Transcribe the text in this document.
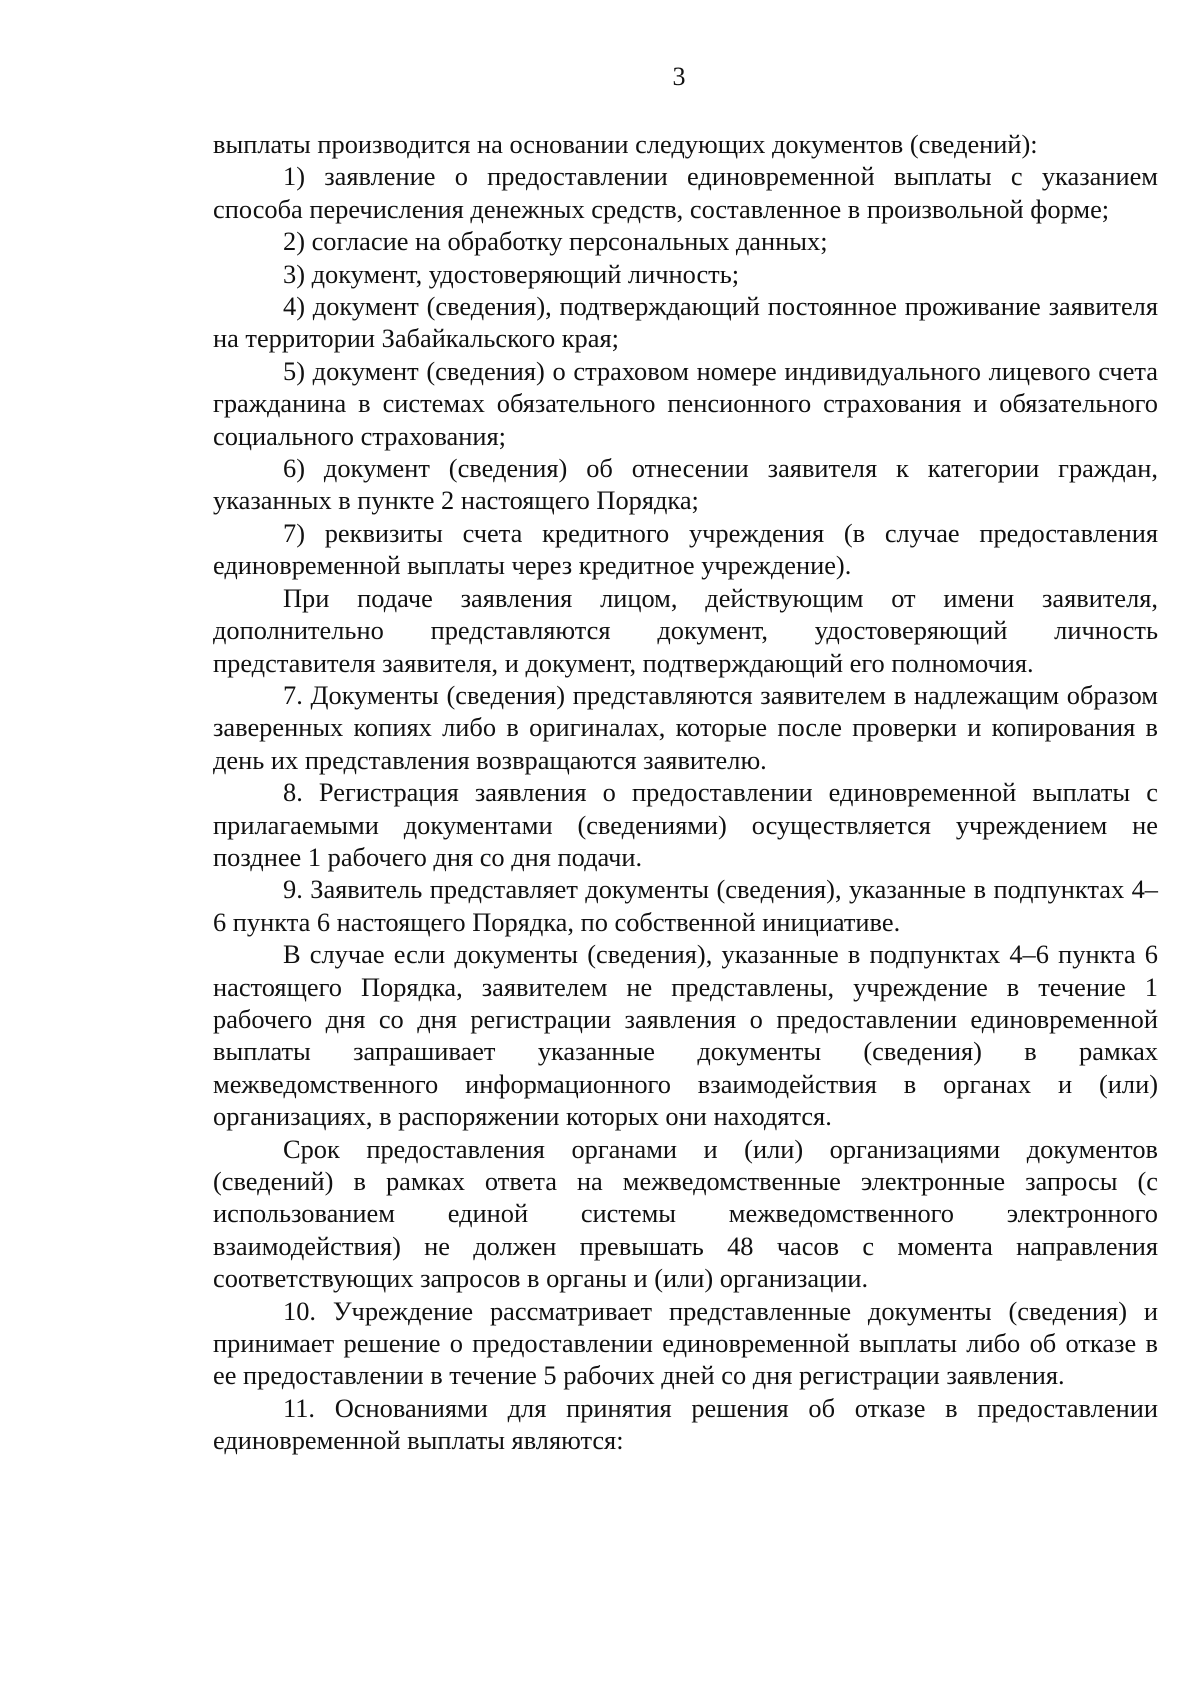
3

выплаты производится на основании следующих документов (сведений):

1) заявление о предоставлении единовременной выплаты с указанием способа перечисления денежных средств, составленное в произвольной форме;

2) согласие на обработку персональных данных;

3) документ, удостоверяющий личность;

4) документ (сведения), подтверждающий постоянное проживание заявителя на территории Забайкальского края;

5) документ (сведения) о страховом номере индивидуального лицевого счета гражданина в системах обязательного пенсионного страхования и обязательного социального страхования;

6) документ (сведения) об отнесении заявителя к категории граждан, указанных в пункте 2 настоящего Порядка;

7) реквизиты счета кредитного учреждения (в случае предоставления единовременной выплаты через кредитное учреждение).

При подаче заявления лицом, действующим от имени заявителя, дополнительно представляются документ, удостоверяющий личность представителя заявителя, и документ, подтверждающий его полномочия.

7. Документы (сведения) представляются заявителем в надлежащим образом заверенных копиях либо в оригиналах, которые после проверки и копирования в день их представления возвращаются заявителю.

8. Регистрация заявления о предоставлении единовременной выплаты с прилагаемыми документами (сведениями) осуществляется учреждением не позднее 1 рабочего дня со дня подачи.

9. Заявитель представляет документы (сведения), указанные в подпунктах 4–6 пункта 6 настоящего Порядка, по собственной инициативе.

В случае если документы (сведения), указанные в подпунктах 4–6 пункта 6 настоящего Порядка, заявителем не представлены, учреждение в течение 1 рабочего дня со дня регистрации заявления о предоставлении единовременной выплаты запрашивает указанные документы (сведения) в рамках межведомственного информационного взаимодействия в органах и (или) организациях, в распоряжении которых они находятся.

Срок предоставления органами и (или) организациями документов (сведений) в рамках ответа на межведомственные электронные запросы (с использованием единой системы межведомственного электронного взаимодействия) не должен превышать 48 часов с момента направления соответствующих запросов в органы и (или) организации.

10. Учреждение рассматривает представленные документы (сведения) и принимает решение о предоставлении единовременной выплаты либо об отказе в ее предоставлении в течение 5 рабочих дней со дня регистрации заявления.

11. Основаниями для принятия решения об отказе в предоставлении единовременной выплаты являются:
